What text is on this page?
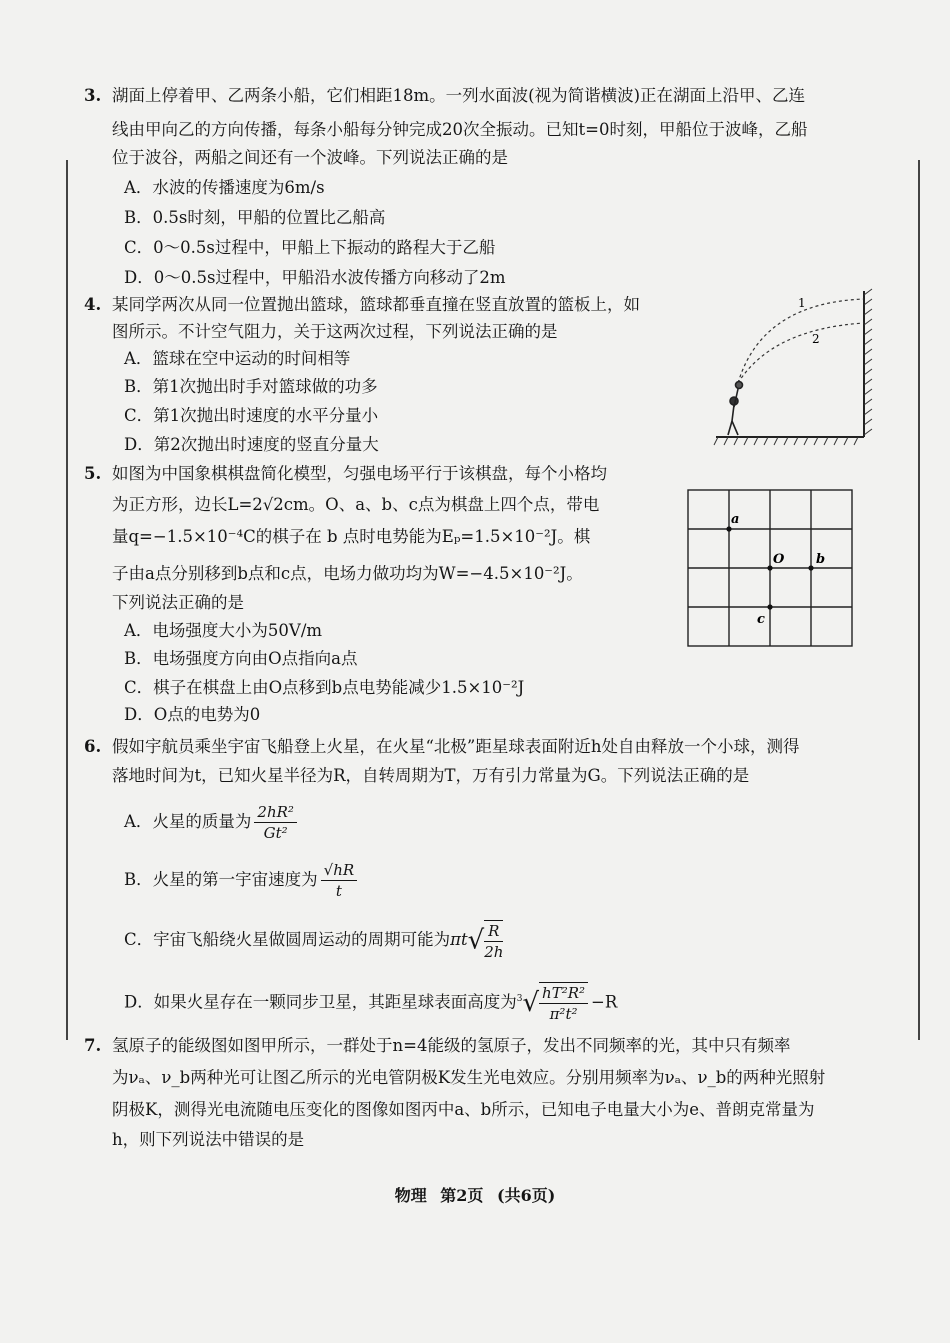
3. 湖面上停着甲、乙两条小船，它们相距18m。一列水面波(视为简谐横波)正在湖面上沿甲、乙连
线由甲向乙的方向传播，每条小船每分钟完成20次全振动。已知t=0时刻，甲船位于波峰，乙船
位于波谷，两船之间还有一个波峰。下列说法正确的是
A．水波的传播速度为6m/s
B．0.5s时刻，甲船的位置比乙船高
C．0～0.5s过程中，甲船上下振动的路程大于乙船
D．0～0.5s过程中，甲船沿水波传播方向移动了2m
4. 某同学两次从同一位置抛出篮球，篮球都垂直撞在竖直放置的篮板上，如
图所示。不计空气阻力，关于这两次过程，下列说法正确的是
A．篮球在空中运动的时间相等
B．第1次抛出时手对篮球做的功多
C．第1次抛出时速度的水平分量小
D．第2次抛出时速度的竖直分量大
1
2
5. 如图为中国象棋棋盘简化模型，匀强电场平行于该棋盘，每个小格均
为正方形，边长L=2√2cm。O、a、b、c点为棋盘上四个点，带电
量q=−1.5×10⁻⁴C的棋子在 b 点时电势能为Eₚ=1.5×10⁻²J。棋
子由a点分别移到b点和c点，电场力做功均为W=−4.5×10⁻²J。
下列说法正确的是
A．电场强度大小为50V/m
B．电场强度方向由O点指向a点
C．棋子在棋盘上由O点移到b点电势能减少1.5×10⁻²J
D．O点的电势为0
a
O b
c
6. 假如宇航员乘坐宇宙飞船登上火星，在火星“北极”距星球表面附近h处自由释放一个小球，测得
落地时间为t，已知火星半径为R，自转周期为T，万有引力常量为G。下列说法正确的是
A．火星的质量为 $\frac{\text{2hR²}}{\text{Gt²}}$
B．火星的第一宇宙速度为 $\frac{√hR}{t}$
C．宇宙飞船绕火星做圆周运动的周期可能为$\pi t√ \frac{R}{2h}$
D．如果火星存在一颗同步卫星，其距星球表面高度为$^3√ \frac{\text{hT²R²}}{\text{π²t²}} -R$
7. 氢原子的能级图如图甲所示，一群处于n=4能级的氢原子，发出不同频率的光，其中只有频率
为νₐ、ν_b两种光可让图乙所示的光电管阴极K发生光电效应。分别用频率为νₐ、ν_b的两种光照射
阴极K，测得光电流随电压变化的图像如图丙中a、b所示，已知电子电量大小为e、普朗克常量为
h，则下列说法中错误的是
物理 第2页 (共6页)
